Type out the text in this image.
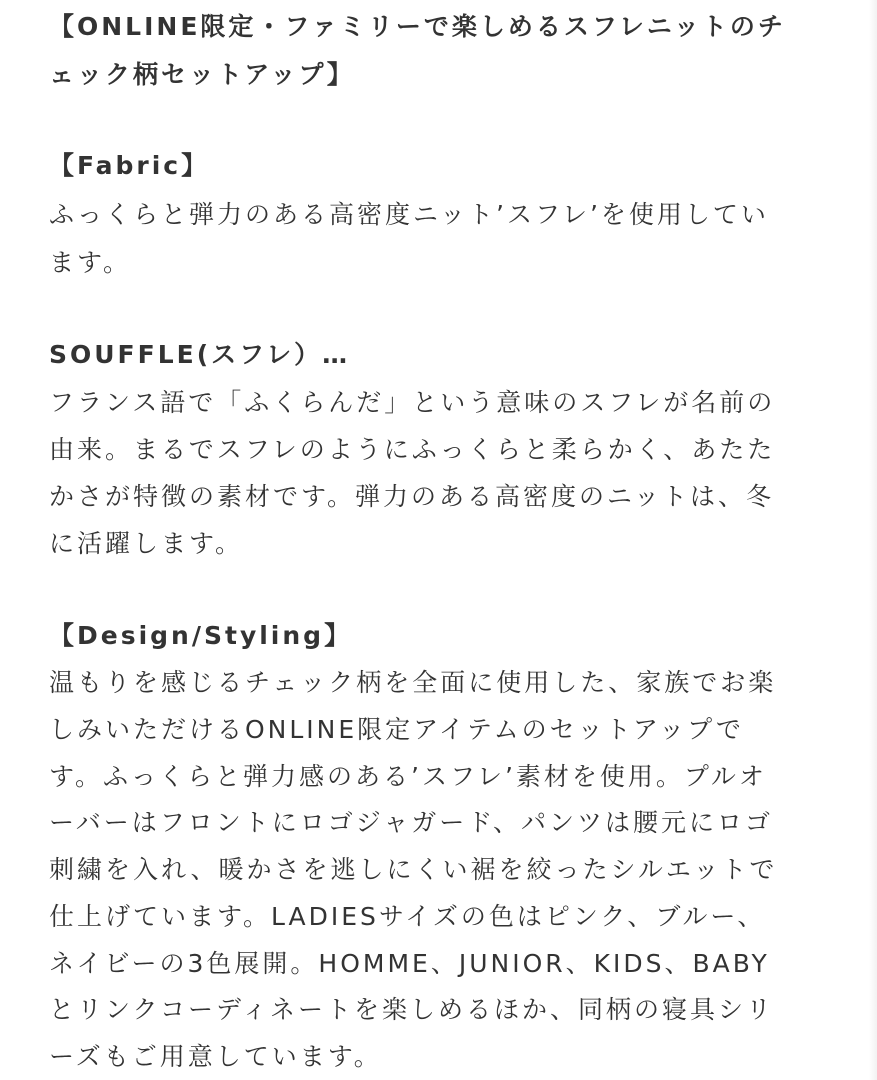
【ONLINE限定・ファミリーで楽しめるスフレニットのチ
ェック柄セットアップ】
【Fabric】
ふっくらと弾力のある高密度ニット’スフレ’を使用してい
ます。
SOUFFLE(スフレ）…
フランス語で「ふくらんだ」という意味のスフレが名前の
由来。まるでスフレのようにふっくらと柔らかく、あたた
かさが特徴の素材です。弾力のある高密度のニットは、冬
に活躍します。
【Design/Styling】
温もりを感じるチェック柄を全面に使用した、家族でお楽
しみいただけるONLINE限定アイテムのセットアップで
す。ふっくらと弾力感のある’スフレ’素材を使用。プルオ
ーバーはフロントにロゴジャガード、パンツは腰元にロゴ
刺繍を入れ、暖かさを逃しにくい裾を絞ったシルエットで
仕上げています。LADIESサイズの色はピンク、ブルー、
ネイビーの3色展開。HOMME、JUNIOR、KIDS、BABY
とリンクコーディネートを楽しめるほか、同柄の寝具シリ
ーズもご用意しています。
